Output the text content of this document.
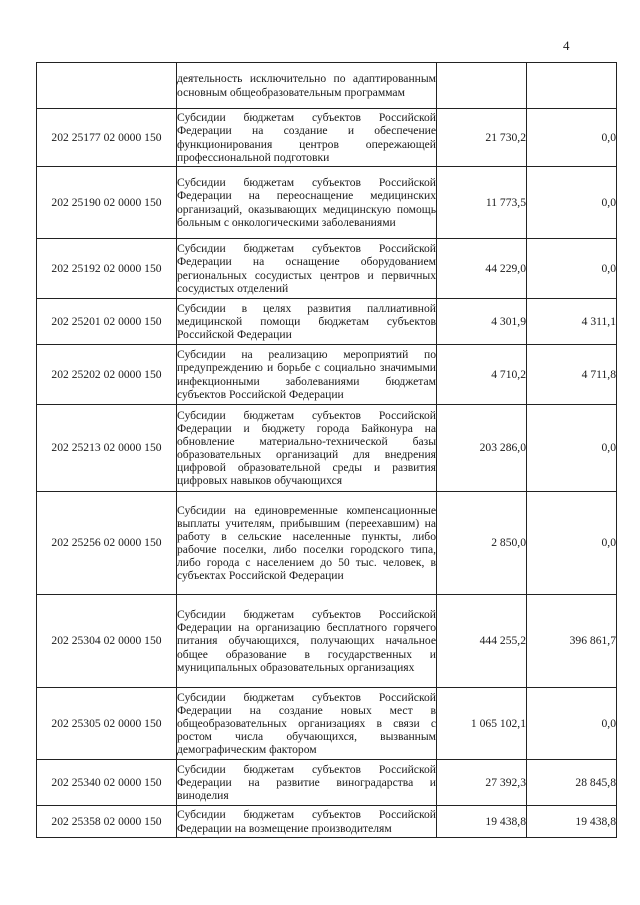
4

	деятельность исключительно по адаптированным основным общеобразовательным программам		

202 25177 02 0000 150	Субсидии бюджетам субъектов Российской Федерации на создание и обеспечение функционирования центров опережающей профессиональной подготовки	21 730,2	0,0
202 25190 02 0000 150	Субсидии бюджетам субъектов Российской Федерации на переоснащение медицинских организаций, оказывающих медицинскую помощь больным с онкологическими заболеваниями	11 773,5	0,0
202 25192 02 0000 150	Субсидии бюджетам субъектов Российской Федерации на оснащение оборудованием региональных сосудистых центров и первичных сосудистых отделений	44 229,0	0,0
202 25201 02 0000 150	Субсидии в целях развития паллиативной медицинской помощи бюджетам субъектов Российской Федерации	4 301,9	4 311,1
202 25202 02 0000 150	Субсидии на реализацию мероприятий по предупреждению и борьбе с социально значимыми инфекционными заболеваниями бюджетам субъектов Российской Федерации	4 710,2	4 711,8
202 25213 02 0000 150	Субсидии бюджетам субъектов Российской Федерации и бюджету города Байконура на обновление материально-технической базы образовательных организаций для внедрения цифровой образовательной среды и развития цифровых навыков обучающихся	203 286,0	0,0
202 25256 02 0000 150	Субсидии на единовременные компенсационные выплаты учителям, прибывшим (переехавшим) на работу в сельские населенные пункты, либо рабочие поселки, либо поселки городского типа, либо города с населением до 50 тыс. человек, в субъектах Российской Федерации	2 850,0	0,0
202 25304 02 0000 150	Субсидии бюджетам субъектов Российской Федерации на организацию бесплатного горячего питания обучающихся, получающих начальное общее образование в государственных и муниципальных образовательных организациях	444 255,2	396 861,7
202 25305 02 0000 150	Субсидии бюджетам субъектов Российской Федерации на создание новых мест в общеобразовательных организациях в связи с ростом числа обучающихся, вызванным демографическим фактором	1 065 102,1	0,0
202 25340 02 0000 150	Субсидии бюджетам субъектов Российской Федерации на развитие виноградарства и виноделия	27 392,3	28 845,8
202 25358 02 0000 150	Субсидии бюджетам субъектов Российской Федерации на возмещение производителям	19 438,8	19 438,8
